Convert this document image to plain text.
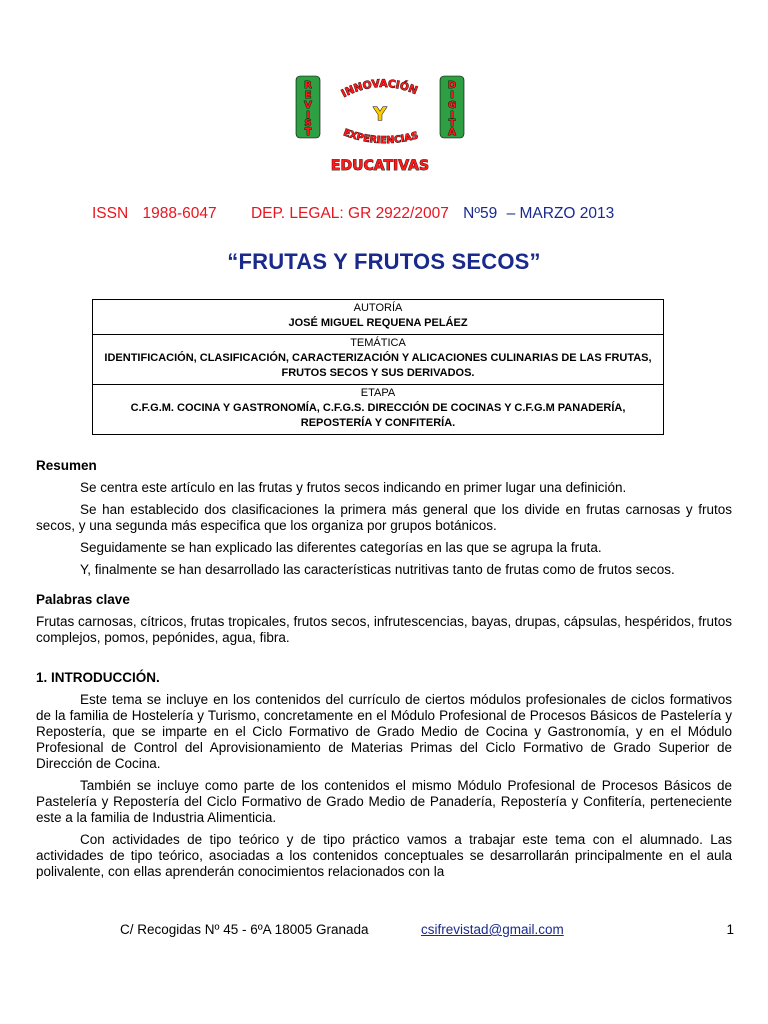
R
E
V
I
S
T
D
I
G
I
T
A
INNOVACIÓN
Y
EXPERIENCIAS
EDUCATIVAS
ISSN 1988-6047 DEP. LEGAL: GR 2922/2007 Nº59 – MARZO 2013
“FRUTAS Y FRUTOS SECOS”
AUTORÍA
JOSÉ MIGUEL REQUENA PELÁEZ

TEMÁTICA
IDENTIFICACIÓN, CLASIFICACIÓN, CARACTERIZACIÓN Y ALICACIONES CULINARIAS DE LAS FRUTAS, FRUTOS SECOS Y SUS DERIVADOS.

ETAPA
C.F.G.M. COCINA Y GASTRONOMÍA, C.F.G.S. DIRECCIÓN DE COCINAS Y C.F.G.M PANADERÍA, REPOSTERÍA Y CONFITERÍA.
Resumen

Se centra este artículo en las frutas y frutos secos indicando en primer lugar una definición.

Se han establecido dos clasificaciones la primera más general que los divide en frutas carnosas y frutos secos, y una segunda más especifica que los organiza por grupos botánicos.

Seguidamente se han explicado las diferentes categorías en las que se agrupa la fruta.

Y, finalmente se han desarrollado las características nutritivas tanto de frutas como de frutos secos.

Palabras clave

Frutas carnosas, cítricos, frutas tropicales, frutos secos, infrutescencias, bayas, drupas, cápsulas, hespéridos, frutos complejos, pomos, pepónides, agua, fibra.

1. INTRODUCCIÓN.

Este tema se incluye en los contenidos del currículo de ciertos módulos profesionales de ciclos formativos de la familia de Hostelería y Turismo, concretamente en el Módulo Profesional de Procesos Básicos de Pastelería y Repostería, que se imparte en el Ciclo Formativo de Grado Medio de Cocina y Gastronomía, y en el Módulo Profesional de Control del Aprovisionamiento de Materias Primas del Ciclo Formativo de Grado Superior de Dirección de Cocina.

También se incluye como parte de los contenidos el mismo Módulo Profesional de Procesos Básicos de Pastelería y Repostería del Ciclo Formativo de Grado Medio de Panadería, Repostería y Confitería, perteneciente este a la familia de Industria Alimenticia.

Con actividades de tipo teórico y de tipo práctico vamos a trabajar este tema con el alumnado. Las actividades de tipo teórico, asociadas a los contenidos conceptuales se desarrollarán principalmente en el aula polivalente, con ellas aprenderán conocimientos relacionados con la

C/ Recogidas Nº 45 - 6ºA 18005 Granada	csifrevistad@gmail.com	1
